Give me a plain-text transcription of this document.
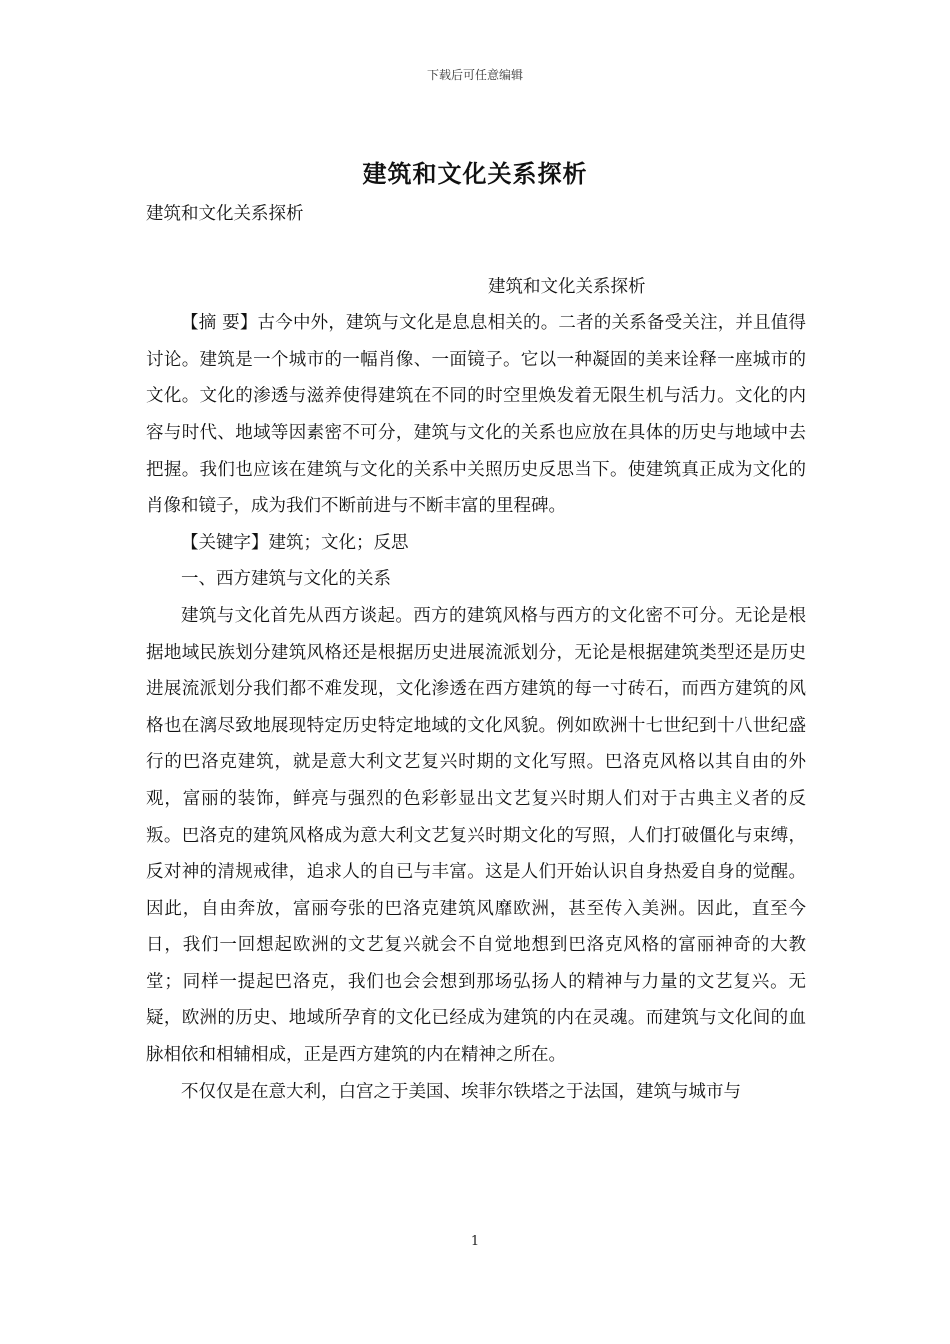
下载后可任意编辑
建筑和文化关系探析

建筑和文化关系探析

建筑和文化关系探析

【摘 要】古今中外，建筑与文化是息息相关的。二者的关系备受关注，并且值得讨论。建筑是一个城市的一幅肖像、一面镜子。它以一种凝固的美来诠释一座城市的文化。文化的渗透与滋养使得建筑在不同的时空里焕发着无限生机与活力。文化的内容与时代、地域等因素密不可分，建筑与文化的关系也应放在具体的历史与地域中去把握。我们也应该在建筑与文化的关系中关照历史反思当下。使建筑真正成为文化的肖像和镜子，成为我们不断前进与不断丰富的里程碑。

【关键字】建筑；文化；反思

一、西方建筑与文化的关系

建筑与文化首先从西方谈起。西方的建筑风格与西方的文化密不可分。无论是根据地域民族划分建筑风格还是根据历史进展流派划分，无论是根据建筑类型还是历史进展流派划分我们都不难发现，文化渗透在西方建筑的每一寸砖石，而西方建筑的风格也在漓尽致地展现特定历史特定地域的文化风貌。例如欧洲十七世纪到十八世纪盛行的巴洛克建筑，就是意大利文艺复兴时期的文化写照。巴洛克风格以其自由的外观，富丽的装饰，鲜亮与强烈的色彩彰显出文艺复兴时期人们对于古典主义者的反叛。巴洛克的建筑风格成为意大利文艺复兴时期文化的写照，人们打破僵化与束缚，反对神的清规戒律，追求人的自已与丰富。这是人们开始认识自身热爱自身的觉醒。因此，自由奔放，富丽夸张的巴洛克建筑风靡欧洲，甚至传入美洲。因此，直至今日，我们一回想起欧洲的文艺复兴就会不自觉地想到巴洛克风格的富丽神奇的大教堂；同样一提起巴洛克，我们也会会想到那场弘扬人的精神与力量的文艺复兴。无疑，欧洲的历史、地域所孕育的文化已经成为建筑的内在灵魂。而建筑与文化间的血脉相依和相辅相成，正是西方建筑的内在精神之所在。

不仅仅是在意大利，白宫之于美国、埃菲尔铁塔之于法国，建筑与城市与

1
